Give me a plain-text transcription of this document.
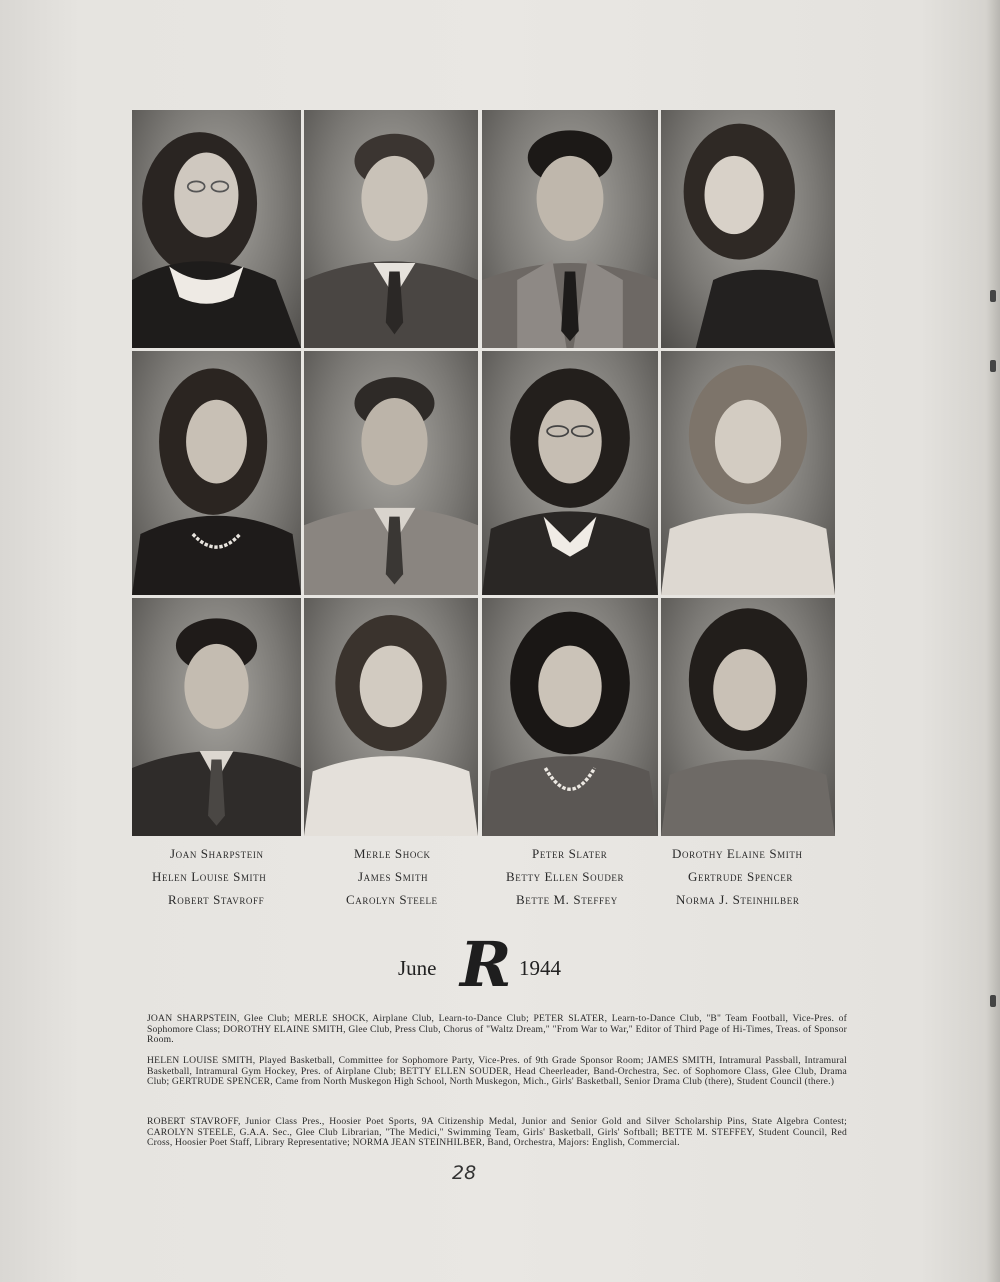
Joan Sharpstein	Merle Shock	Peter Slater	Dorothy Elaine Smith
Helen Louise Smith	James Smith	Betty Ellen Souder	Gertrude Spencer
Robert Stavroff	Carolyn Steele	Bette M. Steffey	Norma J. Steinhilber
June R 1944

JOAN SHARPSTEIN, Glee Club; MERLE SHOCK, Airplane Club, Learn-to-Dance Club; PETER SLATER, Learn-to-Dance Club, "B" Team Football, Vice-Pres. of Sophomore Class; DOROTHY ELAINE SMITH, Glee Club, Press Club, Chorus of "Waltz Dream," "From War to War," Editor of Third Page of Hi-Times, Treas. of Sponsor Room.

HELEN LOUISE SMITH, Played Basketball, Committee for Sophomore Party, Vice-Pres. of 9th Grade Sponsor Room; JAMES SMITH, Intramural Passball, Intramural Basketball, Intramural Gym Hockey, Pres. of Airplane Club; BETTY ELLEN SOUDER, Head Cheerleader, Band-Orchestra, Sec. of Sophomore Class, Glee Club, Drama Club; GERTRUDE SPENCER, Came from North Muskegon High School, North Muskegon, Mich., Girls' Basketball, Senior Drama Club (there), Student Council (there.)

ROBERT STAVROFF, Junior Class Pres., Hoosier Poet Sports, 9A Citizenship Medal, Junior and Senior Gold and Silver Scholarship Pins, State Algebra Contest; CAROLYN STEELE, G.A.A. Sec., Glee Club Librarian, "The Medici," Swimming Team, Girls' Basketball, Girls' Softball; BETTE M. STEFFEY, Student Council, Red Cross, Hoosier Poet Staff, Library Representative; NORMA JEAN STEINHILBER, Band, Orchestra, Majors: English, Commercial.

28
